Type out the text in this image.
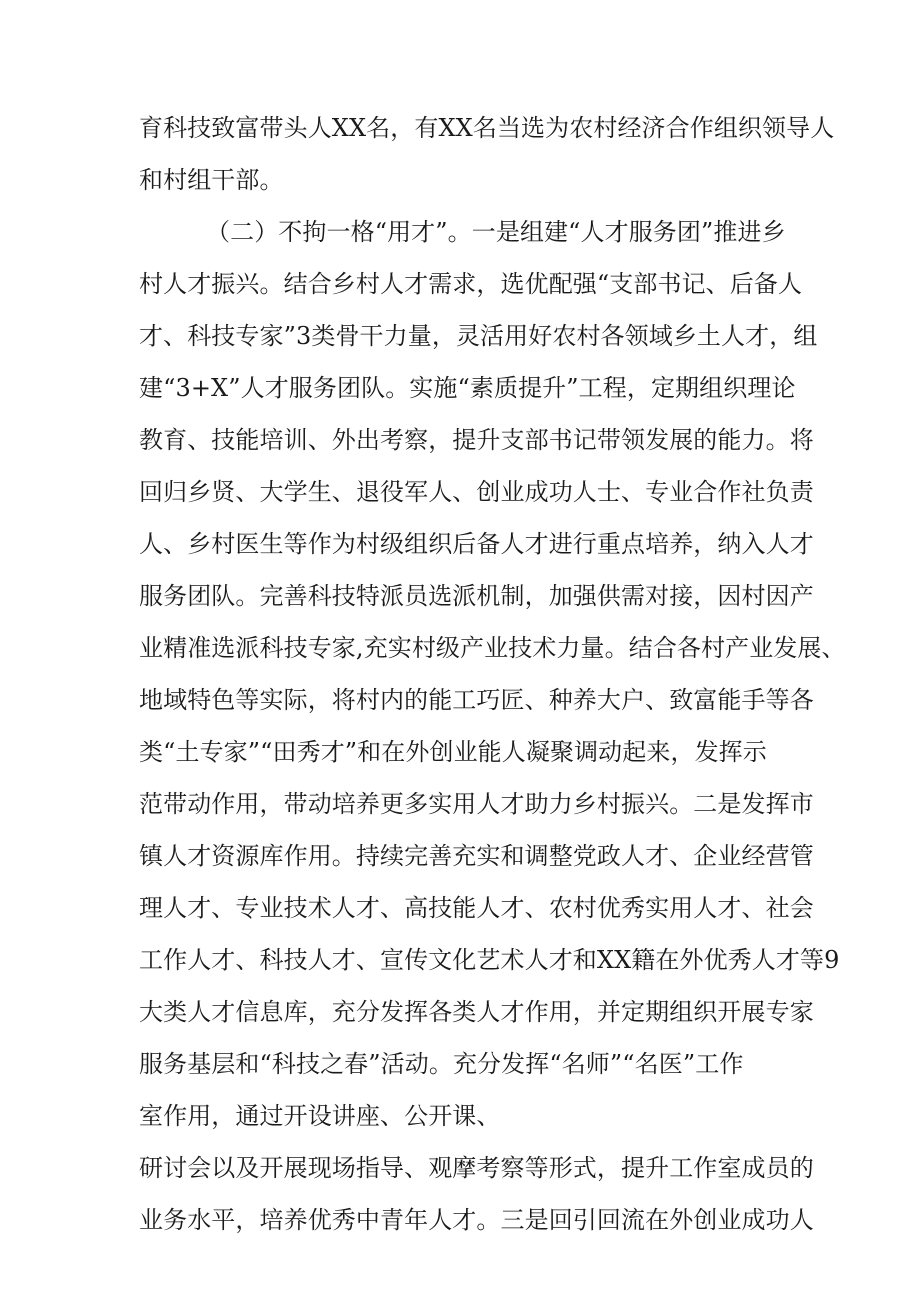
育科技致富带头人XX名，有XX名当选为农村经济合作组织领导人
和村组干部。
（二）不拘一格“用才”。一是组建“人才服务团”推进乡
村人才振兴。结合乡村人才需求，选优配强“支部书记、后备人
才、科技专家”3类骨干力量，灵活用好农村各领域乡土人才，组
建“3+X”人才服务团队。实施“素质提升”工程，定期组织理论
教育、技能培训、外出考察，提升支部书记带领发展的能力。将
回归乡贤、大学生、退役军人、创业成功人士、专业合作社负责
人、乡村医生等作为村级组织后备人才进行重点培养，纳入人才
服务团队。完善科技特派员选派机制，加强供需对接，因村因产
业精准选派科技专家,充实村级产业技术力量。结合各村产业发展、
地域特色等实际，将村内的能工巧匠、种养大户、致富能手等各
类“土专家”“田秀才”和在外创业能人凝聚调动起来，发挥示
范带动作用，带动培养更多实用人才助力乡村振兴。二是发挥市
镇人才资源库作用。持续完善充实和调整党政人才、企业经营管
理人才、专业技术人才、高技能人才、农村优秀实用人才、社会
工作人才、科技人才、宣传文化艺术人才和XX籍在外优秀人才等9
大类人才信息库，充分发挥各类人才作用，并定期组织开展专家
服务基层和“科技之春”活动。充分发挥“名师”“名医”工作
室作用，通过开设讲座、公开课、
研讨会以及开展现场指导、观摩考察等形式，提升工作室成员的
业务水平，培养优秀中青年人才。三是回引回流在外创业成功人
